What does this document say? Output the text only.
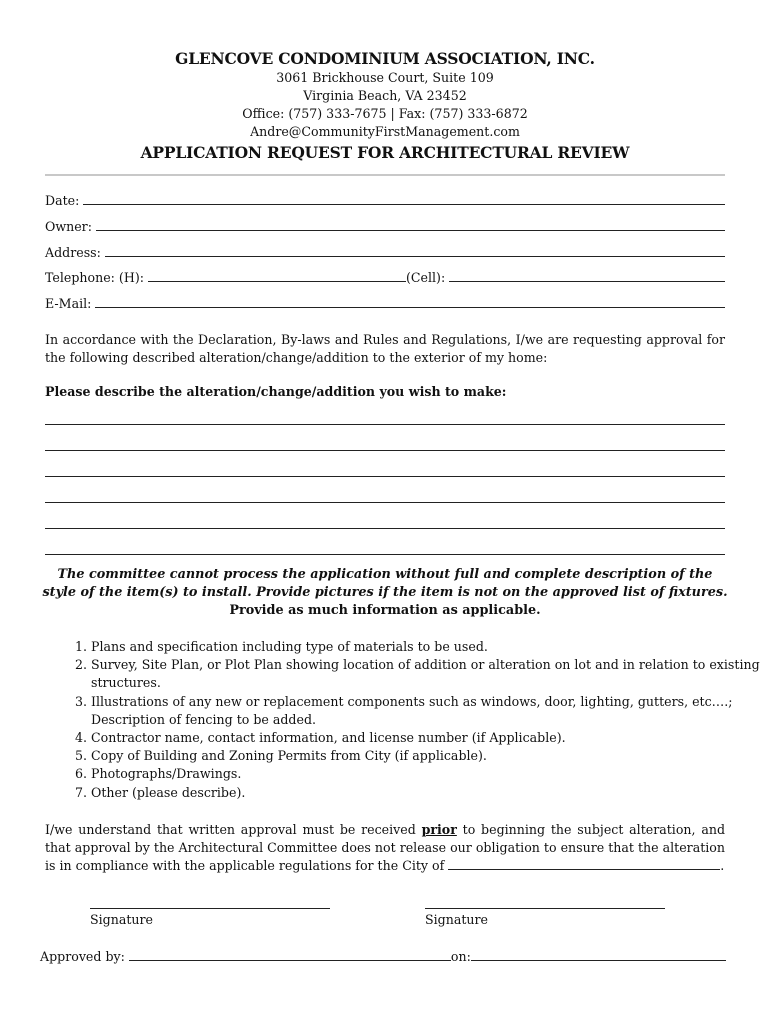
GLENCOVE CONDOMINIUM ASSOCIATION, INC.
3061 Brickhouse Court, Suite 109
Virginia Beach, VA 23452
Office: (757) 333-7675 | Fax: (757) 333-6872
Andre@CommunityFirstManagement.com
APPLICATION REQUEST FOR ARCHITECTURAL REVIEW
Date:
Owner:
Address:
Telephone: (H):	(Cell):
E-Mail:
In accordance with the Declaration, By-laws and Rules and Regulations, I/we are requesting approval for the following described alteration/change/addition to the exterior of my home:
Please describe the alteration/change/addition you wish to make:
The committee cannot process the application without full and complete description of the style of the item(s) to install. Provide pictures if the item is not on the approved list of fixtures.
Provide as much information as applicable.
1. Plans and specification including type of materials to be used.
2. Survey, Site Plan, or Plot Plan showing location of addition or alteration on lot and in relation to existing structures.
3. Illustrations of any new or replacement components such as windows, door, lighting, gutters, etc….; Description of fencing to be added.
4. Contractor name, contact information, and license number (if Applicable).
5. Copy of Building and Zoning Permits from City (if applicable).
6. Photographs/Drawings.
7. Other (please describe).
I/we understand that written approval must be received prior to beginning the subject alteration, and that approval by the Architectural Committee does not release our obligation to ensure that the alteration is in compliance with the applicable regulations for the City of	.
Signature	Signature
Approved by:	on:
